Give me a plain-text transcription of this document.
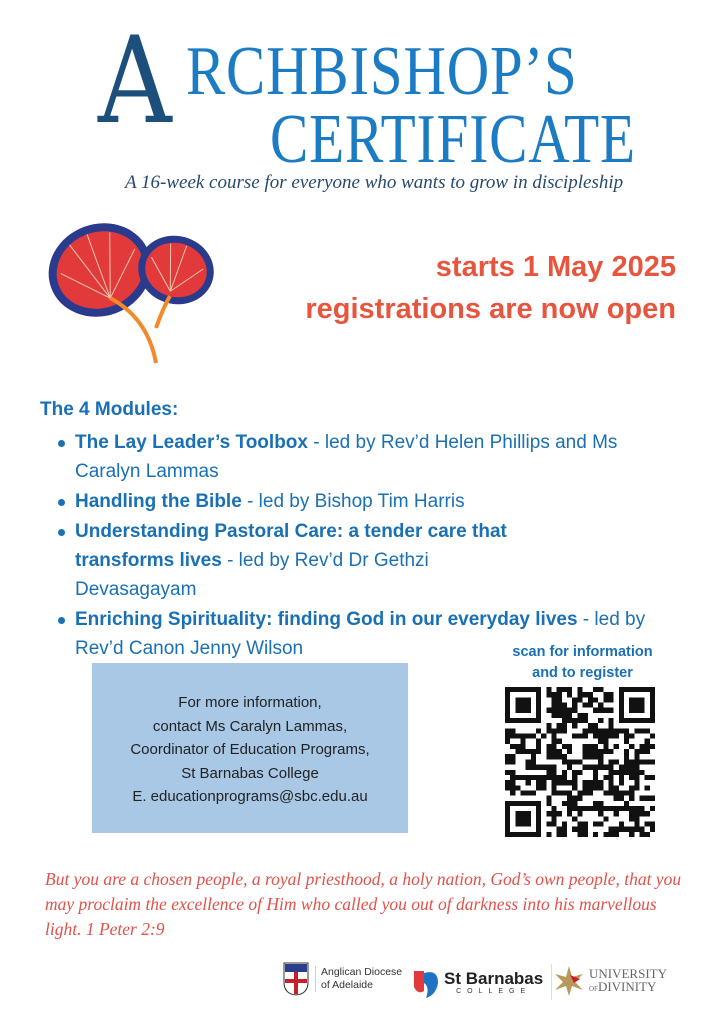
A RCHBISHOP’S
CERTIFICATE
A 16-week course for everyone who wants to grow in discipleship
starts 1 May 2025
registrations are now open
The 4 Modules:
The Lay Leader’s Toolbox - led by Rev’d Helen Phillips and Ms Caralyn Lammas
Handling the Bible - led by Bishop Tim Harris
Understanding Pastoral Care: a tender care that transforms lives - led by Rev’d Dr Gethzi Devasagayam
Enriching Spirituality: finding God in our everyday lives - led by Rev’d Canon Jenny Wilson
For more information,
contact Ms Caralyn Lammas,
Coordinator of Education Programs,
St Barnabas College
E. educationprograms@sbc.edu.au
scan for information
and to register
But you are a chosen people, a royal priesthood, a holy nation, God’s own people, that you may proclaim the excellence of Him who called you out of darkness into his marvellous light. 1 Peter 2:9
Anglican Diocese
of Adelaide	St Barnabas
COLLEGE
UNIVERSITY
OFDIVINITY
